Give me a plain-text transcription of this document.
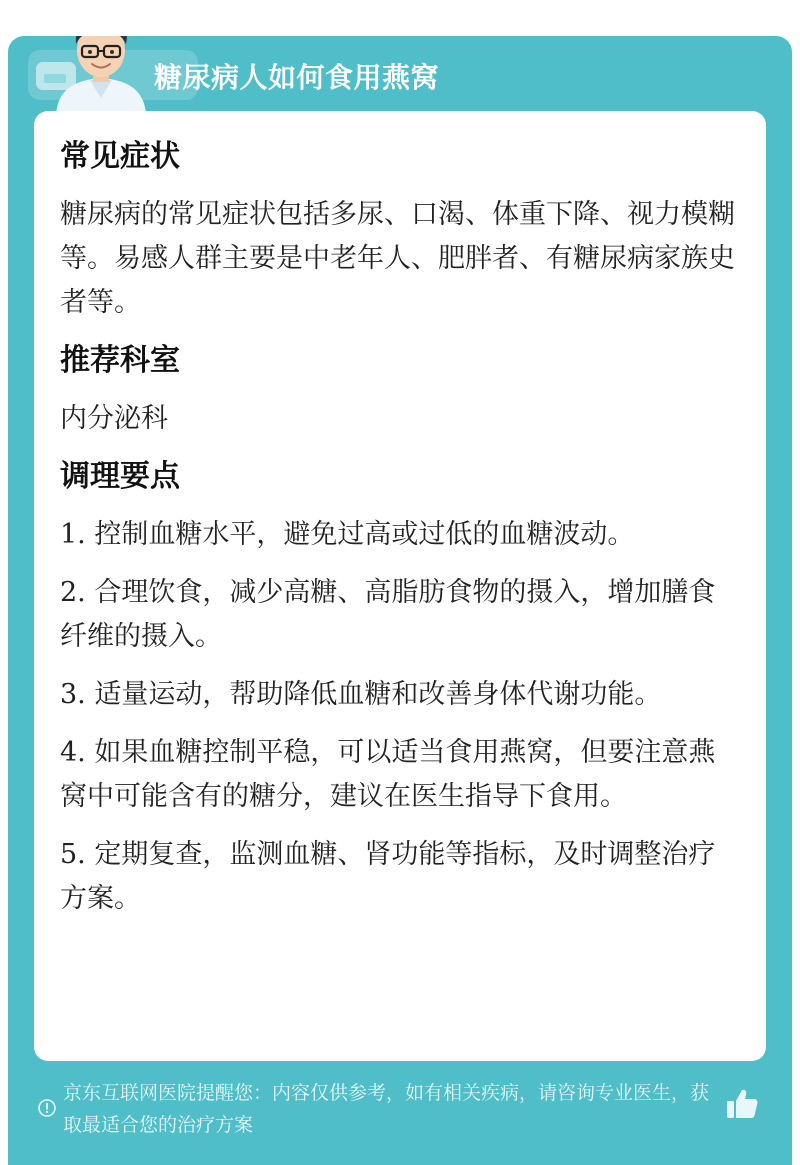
糖尿病人如何食用燕窝
常见症状
糖尿病的常见症状包括多尿、口渴、体重下降、视力模糊等。易感人群主要是中老年人、肥胖者、有糖尿病家族史者等。
推荐科室
内分泌科
调理要点
1. 控制血糖水平，避免过高或过低的血糖波动。
2. 合理饮食，减少高糖、高脂肪食物的摄入，增加膳食纤维的摄入。
3. 适量运动，帮助降低血糖和改善身体代谢功能。
4. 如果血糖控制平稳，可以适当食用燕窝，但要注意燕窝中可能含有的糖分，建议在医生指导下食用。
5. 定期复查，监测血糖、肾功能等指标，及时调整治疗方案。
京东互联网医院提醒您：内容仅供参考，如有相关疾病，请咨询专业医生，获取最适合您的治疗方案
